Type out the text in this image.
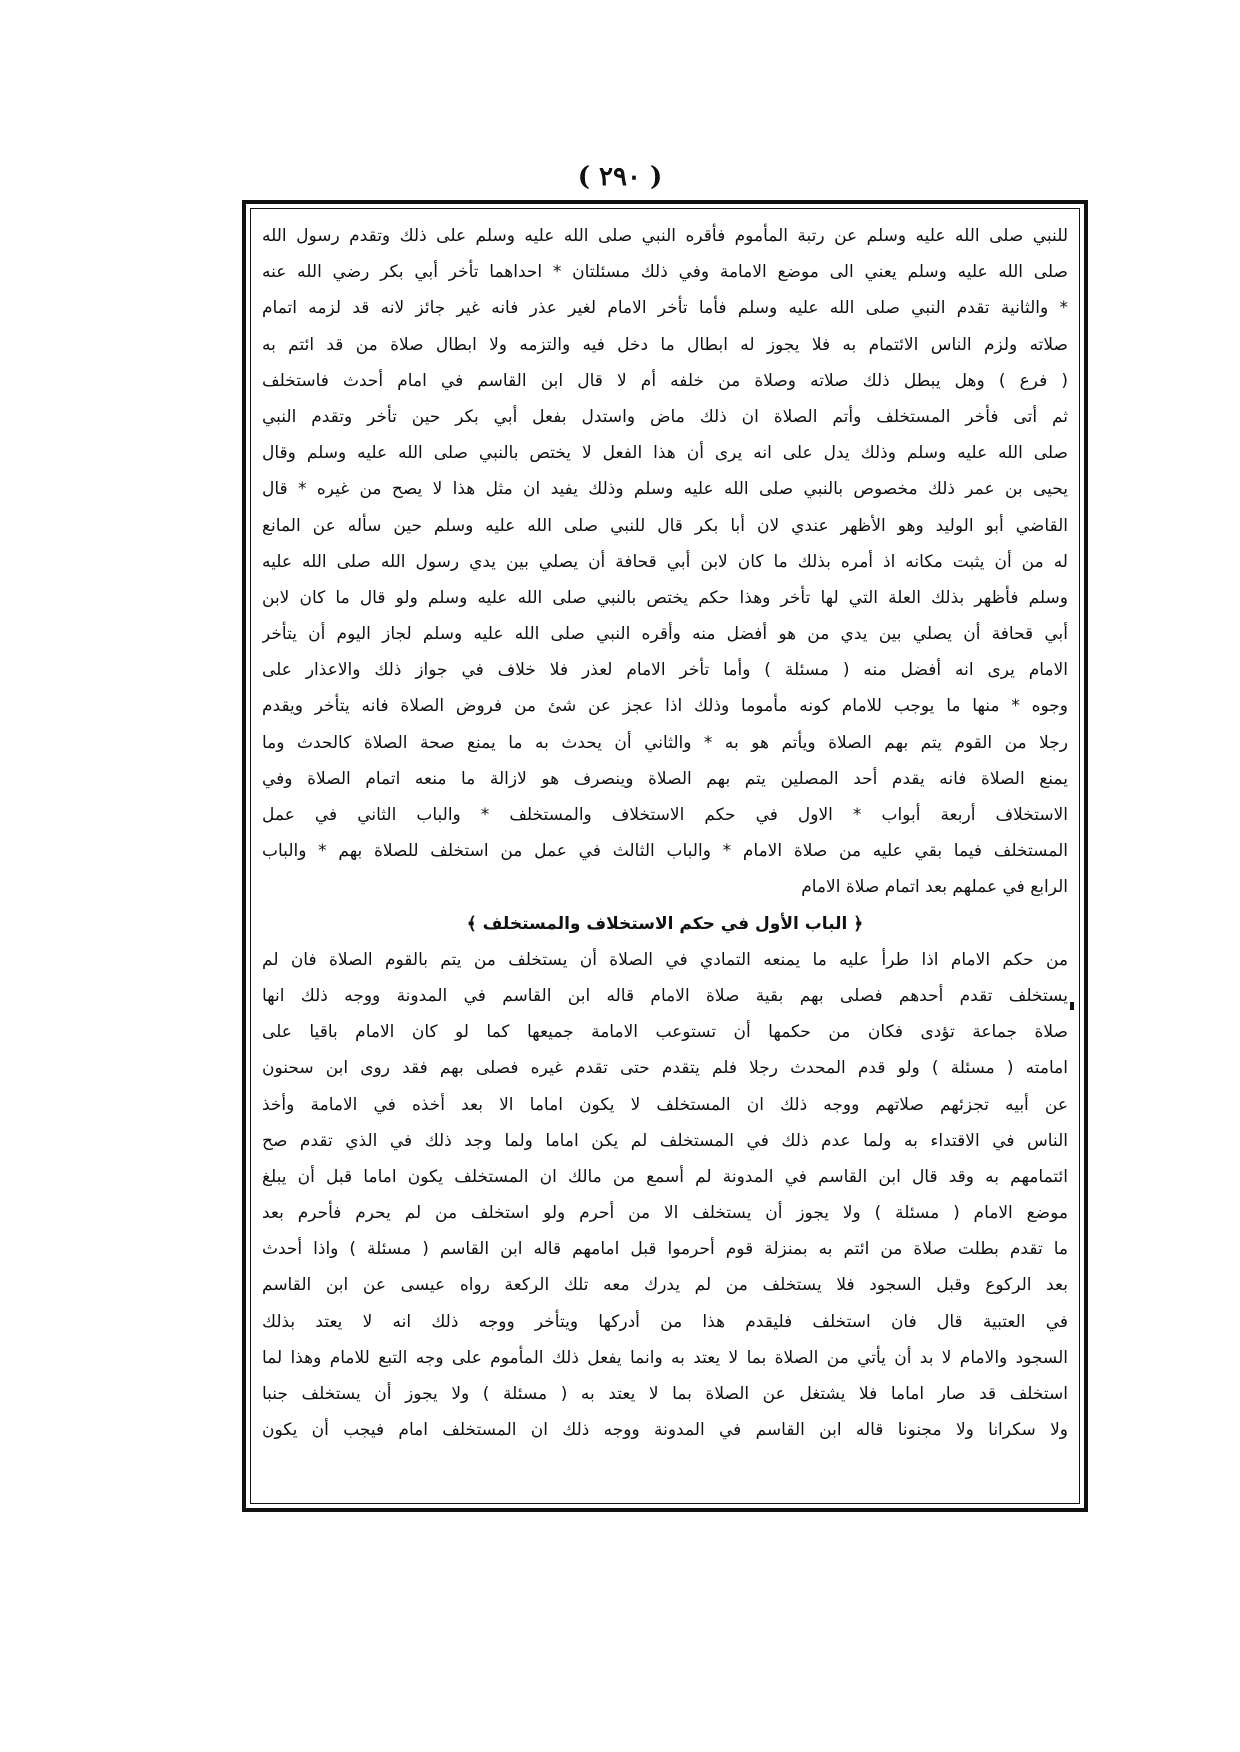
( ٢٩٠ )
للنبي صلى الله عليه وسلم عن رتبة المأموم فأقره النبي صلى الله عليه وسلم على ذلك وتقدم رسول الله
صلى الله عليه وسلم يعني الى موضع الامامة وفي ذلك مسئلتان * احداهما تأخر أبي بكر رضي الله عنه
* والثانية تقدم النبي صلى الله عليه وسلم فأما تأخر الامام لغير عذر فانه غير جائز لانه قد لزمه اتمام
صلاته ولزم الناس الائتمام به فلا يجوز له ابطال ما دخل فيه والتزمه ولا ابطال صلاة من قد ائتم به
( فرع ) وهل يبطل ذلك صلاته وصلاة من خلفه أم لا قال ابن القاسم في امام أحدث فاستخلف
ثم أتى فأخر المستخلف وأتم الصلاة ان ذلك ماض واستدل بفعل أبي بكر حين تأخر وتقدم النبي
صلى الله عليه وسلم وذلك يدل على انه يرى أن هذا الفعل لا يختص بالنبي صلى الله عليه وسلم وقال
يحيى بن عمر ذلك مخصوص بالنبي صلى الله عليه وسلم وذلك يفيد ان مثل هذا لا يصح من غيره * قال
القاضي أبو الوليد وهو الأظهر عندي لان أبا بكر قال للنبي صلى الله عليه وسلم حين سأله عن المانع
له من أن يثبت مكانه اذ أمره بذلك ما كان لابن أبي قحافة أن يصلي بين يدي رسول الله صلى الله عليه
وسلم فأظهر بذلك العلة التي لها تأخر وهذا حكم يختص بالنبي صلى الله عليه وسلم ولو قال ما كان لابن
أبي قحافة أن يصلي بين يدي من هو أفضل منه وأقره النبي صلى الله عليه وسلم لجاز اليوم أن يتأخر
الامام يرى انه أفضل منه ( مسئلة ) وأما تأخر الامام لعذر فلا خلاف في جواز ذلك والاعذار على
وجوه * منها ما يوجب للامام كونه مأموما وذلك اذا عجز عن شئ من فروض الصلاة فانه يتأخر ويقدم
رجلا من القوم يتم بهم الصلاة ويأتم هو به * والثاني أن يحدث به ما يمنع صحة الصلاة كالحدث وما
يمنع الصلاة فانه يقدم أحد المصلين يتم بهم الصلاة وينصرف هو لازالة ما منعه اتمام الصلاة وفي
الاستخلاف أربعة أبواب * الاول في حكم الاستخلاف والمستخلف * والباب الثاني في عمل
المستخلف فيما بقي عليه من صلاة الامام * والباب الثالث في عمل من استخلف للصلاة بهم * والباب
الرابع في عملهم بعد اتمام صلاة الامام
﴿ الباب الأول في حكم الاستخلاف والمستخلف ﴾
من حكم الامام اذا طرأ عليه ما يمنعه التمادي في الصلاة أن يستخلف من يتم بالقوم الصلاة فان لم
يستخلف تقدم أحدهم فصلى بهم بقية صلاة الامام قاله ابن القاسم في المدونة ووجه ذلك انها
صلاة جماعة تؤدى فكان من حكمها أن تستوعب الامامة جميعها كما لو كان الامام باقيا على
امامته ( مسئلة ) ولو قدم المحدث رجلا فلم يتقدم حتى تقدم غيره فصلى بهم فقد روى ابن سحنون
عن أبيه تجزئهم صلاتهم ووجه ذلك ان المستخلف لا يكون اماما الا بعد أخذه في الامامة وأخذ
الناس في الاقتداء به ولما عدم ذلك في المستخلف لم يكن اماما ولما وجد ذلك في الذي تقدم صح
ائتمامهم به وقد قال ابن القاسم في المدونة لم أسمع من مالك ان المستخلف يكون اماما قبل أن يبلغ
موضع الامام ( مسئلة ) ولا يجوز أن يستخلف الا من أحرم ولو استخلف من لم يحرم فأحرم بعد
ما تقدم بطلت صلاة من ائتم به بمنزلة قوم أحرموا قبل امامهم قاله ابن القاسم ( مسئلة ) واذا أحدث
بعد الركوع وقبل السجود فلا يستخلف من لم يدرك معه تلك الركعة رواه عيسى عن ابن القاسم
في العتبية قال فان استخلف فليقدم هذا من أدركها ويتأخر ووجه ذلك انه لا يعتد بذلك
السجود والامام لا بد أن يأتي من الصلاة بما لا يعتد به وانما يفعل ذلك المأموم على وجه التبع للامام وهذا لما
استخلف قد صار اماما فلا يشتغل عن الصلاة بما لا يعتد به ( مسئلة ) ولا يجوز أن يستخلف جنبا
ولا سكرانا ولا مجنونا قاله ابن القاسم في المدونة ووجه ذلك ان المستخلف امام فيجب أن يكون
